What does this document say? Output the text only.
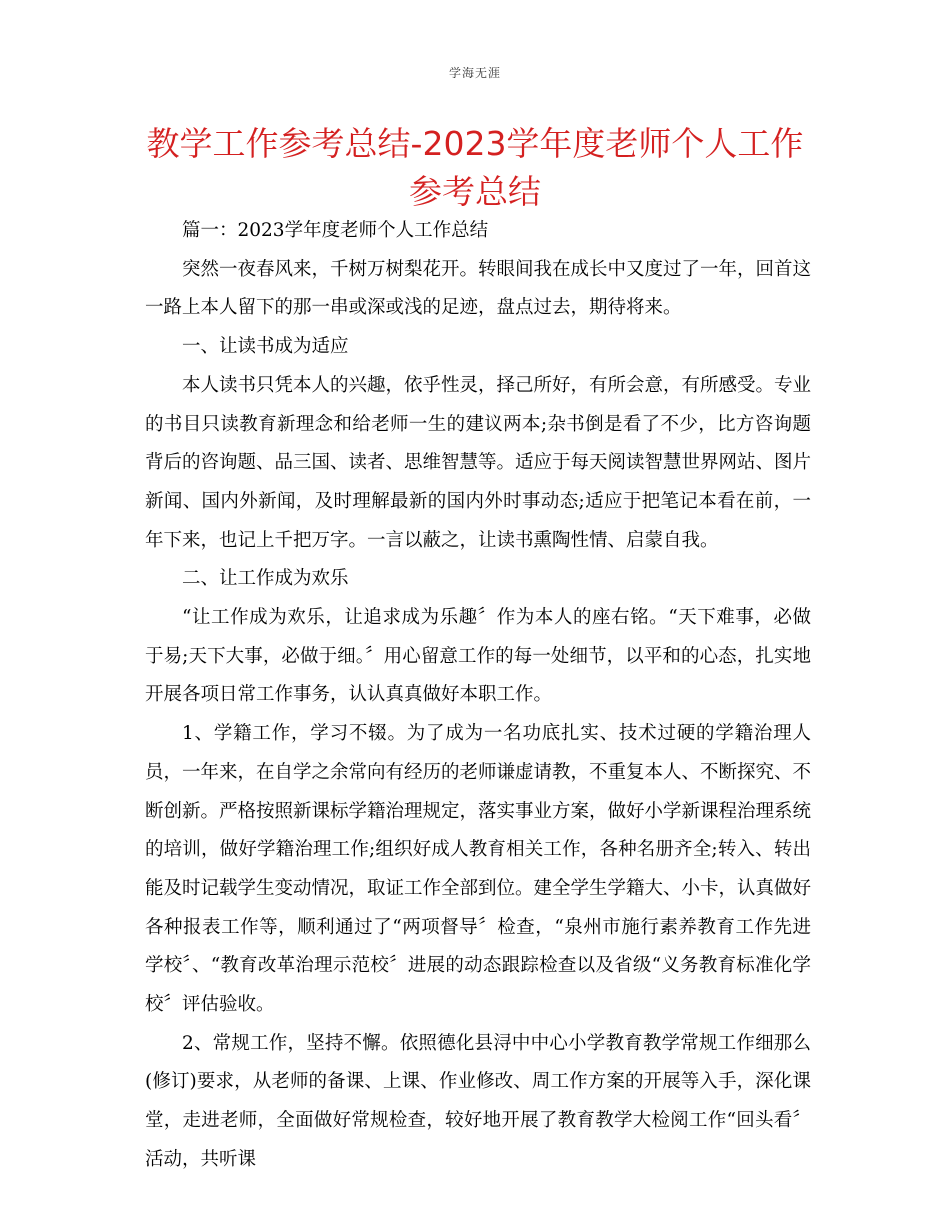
学海无涯
教学工作参考总结-2023学年度老师个人工作参考总结

篇一：2023学年度老师个人工作总结

突然一夜春风来，千树万树梨花开。转眼间我在成长中又度过了一年，回首这一路上本人留下的那一串或深或浅的足迹，盘点过去，期待将来。

一、让读书成为适应

本人读书只凭本人的兴趣，依乎性灵，择己所好，有所会意，有所感受。专业的书目只读教育新理念和给老师一生的建议两本;杂书倒是看了不少，比方咨询题背后的咨询题、品三国、读者、思维智慧等。适应于每天阅读智慧世界网站、图片新闻、国内外新闻，及时理解最新的国内外时事动态;适应于把笔记本看在前，一年下来，也记上千把万字。一言以蔽之，让读书熏陶性情、启蒙自我。

二、让工作成为欢乐

“让工作成为欢乐，让追求成为乐趣〞作为本人的座右铭。“天下难事，必做于易;天下大事，必做于细。〞用心留意工作的每一处细节，以平和的心态，扎实地开展各项日常工作事务，认认真真做好本职工作。

1、学籍工作，学习不辍。为了成为一名功底扎实、技术过硬的学籍治理人员，一年来，在自学之余常向有经历的老师谦虚请教，不重复本人、不断探究、不断创新。严格按照新课标学籍治理规定，落实事业方案，做好小学新课程治理系统的培训，做好学籍治理工作;组织好成人教育相关工作，各种名册齐全;转入、转出能及时记载学生变动情况，取证工作全部到位。建全学生学籍大、小卡，认真做好各种报表工作等，顺利通过了“两项督导〞检查，“泉州市施行素养教育工作先进学校〞、“教育改革治理示范校〞进展的动态跟踪检查以及省级“义务教育标准化学校〞评估验收。

2、常规工作，坚持不懈。依照德化县浔中中心小学教育教学常规工作细那么(修订)要求，从老师的备课、上课、作业修改、周工作方案的开展等入手，深化课堂，走进老师，全面做好常规检查，较好地开展了教育教学大检阅工作“回头看〞活动，共听课
